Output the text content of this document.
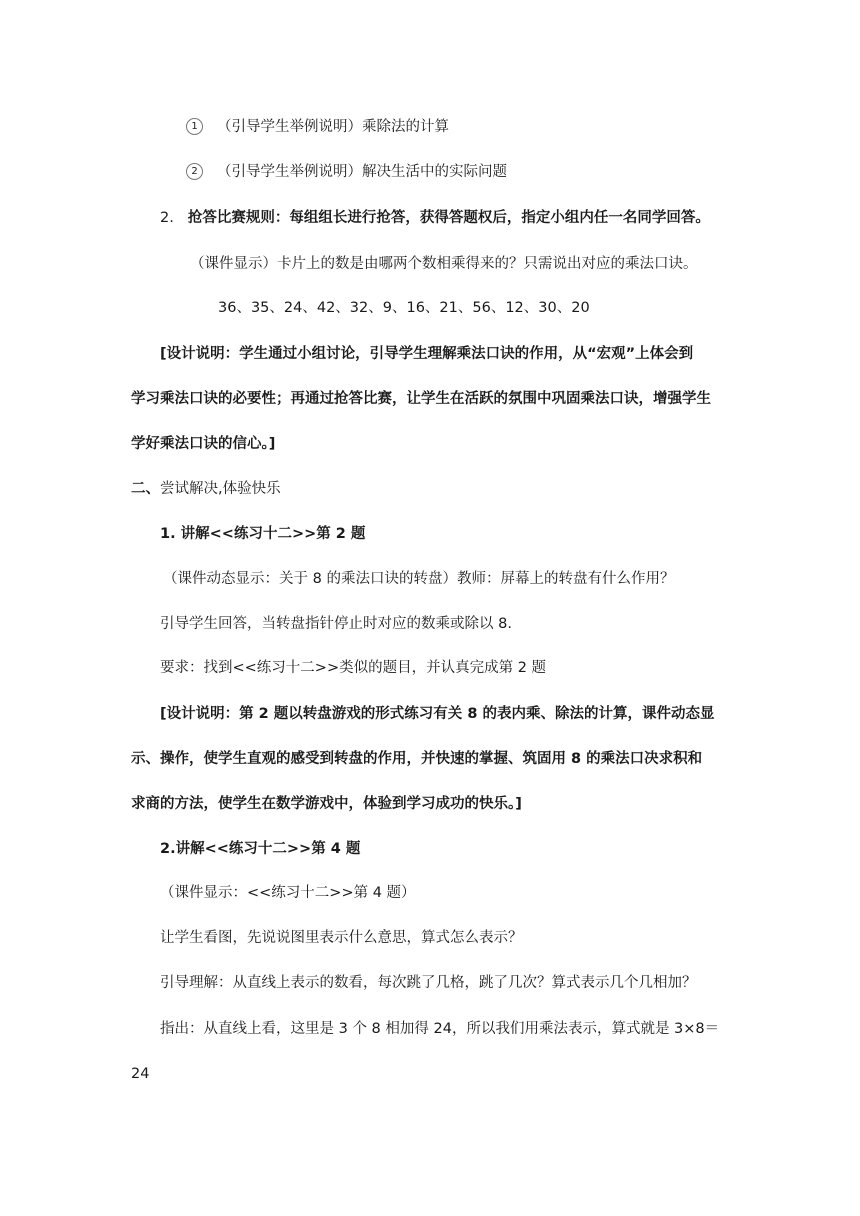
1 （引导学生举例说明）乘除法的计算
2 （引导学生举例说明）解决生活中的实际问题
2. 抢答比赛规则：每组组长进行抢答，获得答题权后，指定小组内任一名同学回答。
（课件显示）卡片上的数是由哪两个数相乘得来的？只需说出对应的乘法口诀。
36、35、24、42、32、9、16、21、56、12、30、20
[设计说明：学生通过小组讨论，引导学生理解乘法口诀的作用，从“宏观”上体会到
学习乘法口诀的必要性；再通过抢答比赛，让学生在活跃的氛围中巩固乘法口诀，增强学生
学好乘法口诀的信心。]
二、尝试解决,体验快乐
1. 讲解<<练习十二>>第 2 题
（课件动态显示：关于 8 的乘法口诀的转盘）教师：屏幕上的转盘有什么作用？
引导学生回答，当转盘指针停止时对应的数乘或除以 8.
要求：找到<<练习十二>>类似的题目，并认真完成第 2 题
[设计说明：第 2 题以转盘游戏的形式练习有关 8 的表内乘、除法的计算，课件动态显
示、操作，使学生直观的感受到转盘的作用，并快速的掌握、筑固用 8 的乘法口决求积和
求商的方法，使学生在数学游戏中，体验到学习成功的快乐。]
2.讲解<<练习十二>>第 4 题
（课件显示：<<练习十二>>第 4 题）
让学生看图，先说说图里表示什么意思，算式怎么表示？
引导理解：从直线上表示的数看，每次跳了几格，跳了几次？算式表示几个几相加？
指出：从直线上看，这里是 3 个 8 相加得 24，所以我们用乘法表示，算式就是 3×8＝
24
